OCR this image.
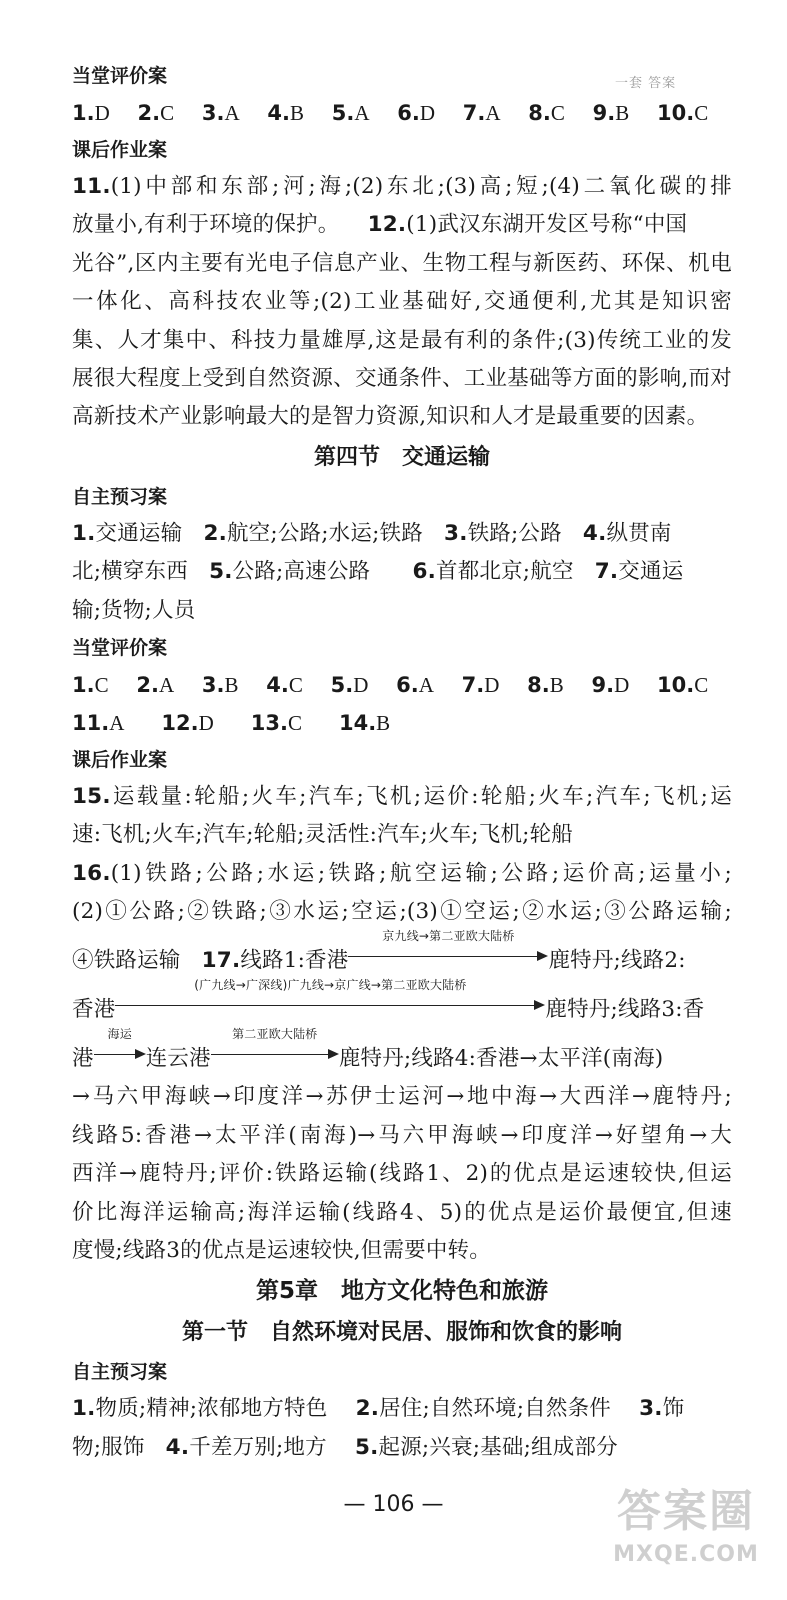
一套 答案
当堂评价案
1.D 2.C 3.A 4.B 5.A 6.D 7.A 8.C 9.B 10.C
课后作业案
11.(1)中部和东部;河;海;(2)东北;(3)高;短;(4)二氧化碳的排
放量小,有利于环境的保护。 12.(1)武汉东湖开发区号称“中国
光谷”,区内主要有光电子信息产业、生物工程与新医药、环保、机电
一体化、高科技农业等;(2)工业基础好,交通便利,尤其是知识密
集、人才集中、科技力量雄厚,这是最有利的条件;(3)传统工业的发
展很大程度上受到自然资源、交通条件、工业基础等方面的影响,而对
高新技术产业影响最大的是智力资源,知识和人才是最重要的因素。
第四节　交通运输
自主预习案
1.交通运输 2.航空;公路;水运;铁路 3.铁路;公路 4.纵贯南
北;横穿东西 5.公路;高速公路 6.首都北京;航空 7.交通运
输;货物;人员
当堂评价案
1.C 2.A 3.B 4.C 5.D 6.A 7.D 8.B 9.D 10.C
11.A 12.D 13.C 14.B
课后作业案
15.运载量:轮船;火车;汽车;飞机;运价:轮船;火车;汽车;飞机;运
速:飞机;火车;汽车;轮船;灵活性:汽车;火车;飞机;轮船
16.(1)铁路;公路;水运;铁路;航空运输;公路;运价高;运量小;
(2)①公路;②铁路;③水运;空运;(3)①空运;②水运;③公路运输;
④铁路运输 17.线路1:香港
京九线→第二亚欧大陆桥
鹿特丹;线路2:
香港
(广九线→广深线)广九线→京广线→第二亚欧大陆桥
鹿特丹;线路3:香
港
海运
连云港
第二亚欧大陆桥
鹿特丹;线路4:香港→太平洋(南海)
→马六甲海峡→印度洋→苏伊士运河→地中海→大西洋→鹿特丹;
线路5:香港→太平洋(南海)→马六甲海峡→印度洋→好望角→大
西洋→鹿特丹;评价:铁路运输(线路1、2)的优点是运速较快,但运
价比海洋运输高;海洋运输(线路4、5)的优点是运价最便宜,但速
度慢;线路3的优点是运速较快,但需要中转。
第5章　地方文化特色和旅游
第一节　自然环境对民居、服饰和饮食的影响
自主预习案
1.物质;精神;浓郁地方特色 2.居住;自然环境;自然条件 3.饰
物;服饰 4.千差万别;地方 5.起源;兴衰;基础;组成部分
— 106 —	答案圈
MXQE.COM
